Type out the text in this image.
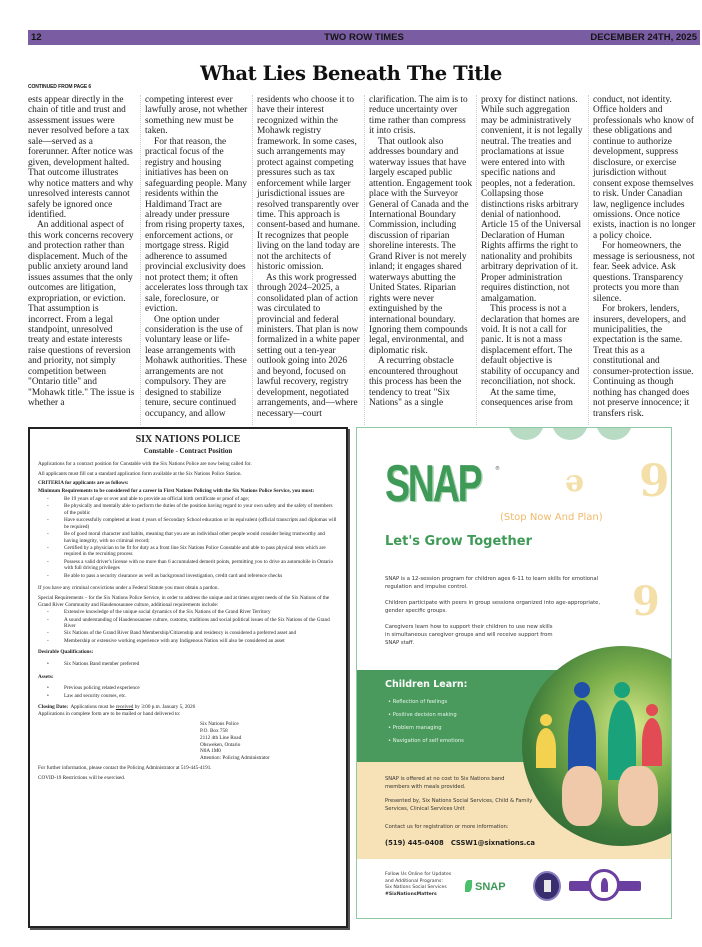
12	TWO ROW TIMES	DECEMBER 24TH, 2025
What Lies Beneath The Title
CONTINUED FROM PAGE 6

ests appear directly in the chain of title and trust and assessment issues were never resolved before a tax sale—served as a forerunner. After notice was given, development halted. That outcome illustrates why notice matters and why unresolved interests cannot safely be ignored once identified.

An additional aspect of this work concerns recovery and protection rather than displacement. Much of the public anxiety around land issues assumes that the only outcomes are litigation, expropriation, or eviction. That assumption is incorrect. From a legal standpoint, unresolved treaty and estate interests raise questions of reversion and priority, not simply competition between "Ontario title" and "Mohawk title." The issue is whether a

competing interest ever lawfully arose, not whether something new must be taken.

For that reason, the practical focus of the registry and housing initiatives has been on safeguarding people. Many residents within the Haldimand Tract are already under pressure from rising property taxes, enforcement actions, or mortgage stress. Rigid adherence to assumed provincial exclusivity does not protect them; it often accelerates loss through tax sale, foreclosure, or eviction.

One option under consideration is the use of voluntary lease or life-lease arrangements with Mohawk authorities. These arrangements are not compulsory. They are designed to stabilize tenure, secure continued occupancy, and allow

residents who choose it to have their interest recognized within the Mohawk registry framework. In some cases, such arrangements may protect against competing pressures such as tax enforcement while larger jurisdictional issues are resolved transparently over time. This approach is consent-based and humane. It recognizes that people living on the land today are not the architects of historic omission.

As this work progressed through 2024–2025, a consolidated plan of action was circulated to provincial and federal ministers. That plan is now formalized in a white paper setting out a ten-year outlook going into 2026 and beyond, focused on lawful recovery, registry development, negotiated arrangements, and—where necessary—court

clarification. The aim is to reduce uncertainty over time rather than compress it into crisis.

That outlook also addresses boundary and waterway issues that have largely escaped public attention. Engagement took place with the Surveyor General of Canada and the International Boundary Commission, including discussion of riparian shoreline interests. The Grand River is not merely inland; it engages shared waterways abutting the United States. Riparian rights were never extinguished by the international boundary. Ignoring them compounds legal, environmental, and diplomatic risk.

A recurring obstacle encountered throughout this process has been the tendency to treat "Six Nations" as a single

proxy for distinct nations. While such aggregation may be administratively convenient, it is not legally neutral. The treaties and proclamations at issue were entered into with specific nations and peoples, not a federation. Collapsing those distinctions risks arbitrary denial of nationhood. Article 15 of the Universal Declaration of Human Rights affirms the right to nationality and prohibits arbitrary deprivation of it. Proper administration requires distinction, not amalgamation.

This process is not a declaration that homes are void. It is not a call for panic. It is not a mass displacement effort. The default objective is stability of occupancy and reconciliation, not shock.

At the same time, consequences arise from

conduct, not identity. Office holders and professionals who know of these obligations and continue to authorize development, suppress disclosure, or exercise jurisdiction without consent expose themselves to risk. Under Canadian law, negligence includes omissions. Once notice exists, inaction is no longer a policy choice.

For homeowners, the message is seriousness, not fear. Seek advice. Ask questions. Transparency protects you more than silence.

For brokers, lenders, insurers, developers, and municipalities, the expectation is the same. Treat this as a constitutional and consumer-protection issue. Continuing as though nothing has changed does not preserve innocence; it transfers risk.

SIX NATIONS POLICE
Constable - Contract Position

Applications for a contract position for Constable with the Six Nations Police are now being called for.

All applicants must fill out a standard application form available at the Six Nations Police Station.

CRITERIA for applicants are as follows:

Minimum Requirements to be considered for a career in First Nations Policing with the Six Nations Police Service, you must:

- Be 19 years of age or over and able to provide an official birth certificate or proof of age;
- Be physically and mentally able to perform the duties of the position having regard to your own safety and the safety of members of the public
- Have successfully completed at least 4 years of Secondary School education or its equivalent (official transcripts and diplomas will be required)
- Be of good moral character and habits, meaning that you are an individual other people would consider being trustworthy and having integrity, with no criminal record;
- Certified by a physician to be fit for duty as a front line Six Nations Police Constable and able to pass physical tests which are required in the recruiting process
- Possess a valid driver's license with no more than 6 accumulated demerit points, permitting you to drive an automobile in Ontario with full driving privileges
- Be able to pass a security clearance as well as background investigation, credit card and reference checks

If you have any criminal convictions under a Federal Statute you must obtain a pardon.

Special Requirements – for the Six Nations Police Service, in order to address the unique and at times urgent needs of the Six Nations of the Grand River Community and Haudenosaunee culture, additional requirements include:

- Extensive knowledge of the unique social dynamics of the Six Nations of the Grand River Territory
- A sound understanding of Haudenosaunee culture, customs, traditions and social political issues of the Six Nations of the Grand River
- Six Nations of the Grand River Band Membership/Citizenship and residency is considered a preferred asset and
- Membership or extensive working experience with any Indigenous Nation will also be considered an asset

Desirable Qualifications:

• Six Nations Band member preferred

Assets:

• Previous policing related experience
• Law and security courses, etc.

Closing Date: Applications must be received by 3:00 p.m. January 5, 2026

Applications in complete form are to be mailed or hand delivered to:

Six Nations Police
P.O. Box 758
2112 4th Line Road
Ohsweken, Ontario
N0A 1M0
Attention: Policing Administrator

For further information, please contact the Policing Administrator at 519-445-4191.

COVID-19 Restrictions will be exercised.

ə 9
9
SNAP	®
(Stop Now And Plan)
Let's Grow Together

SNAP is a 12-session program for children ages 6-11 to learn skills for emotional regulation and impulse control.

Children participate with peers in group sessions organized into age-appropriate, gender specific groups.

Caregivers learn how to support their children to use new skills in simultaneous caregiver groups and will receive support from SNAP staff.

Children Learn:
• Reflection of feelings
• Positive decision making
• Problem managing
• Navigation of self emotions

SNAP is offered at no cost to Six Nations band members with meals provided.

Presented by, Six Nations Social Services, Child & Family Services, Clinical Services Unit

Contact us for registration or more information:

(519) 445-0408 CSSW1@sixnations.ca
Follow Us Online for Updates
and Additional Programs:
Six Nations Social Services
#SixNationsMatters
SNAP
